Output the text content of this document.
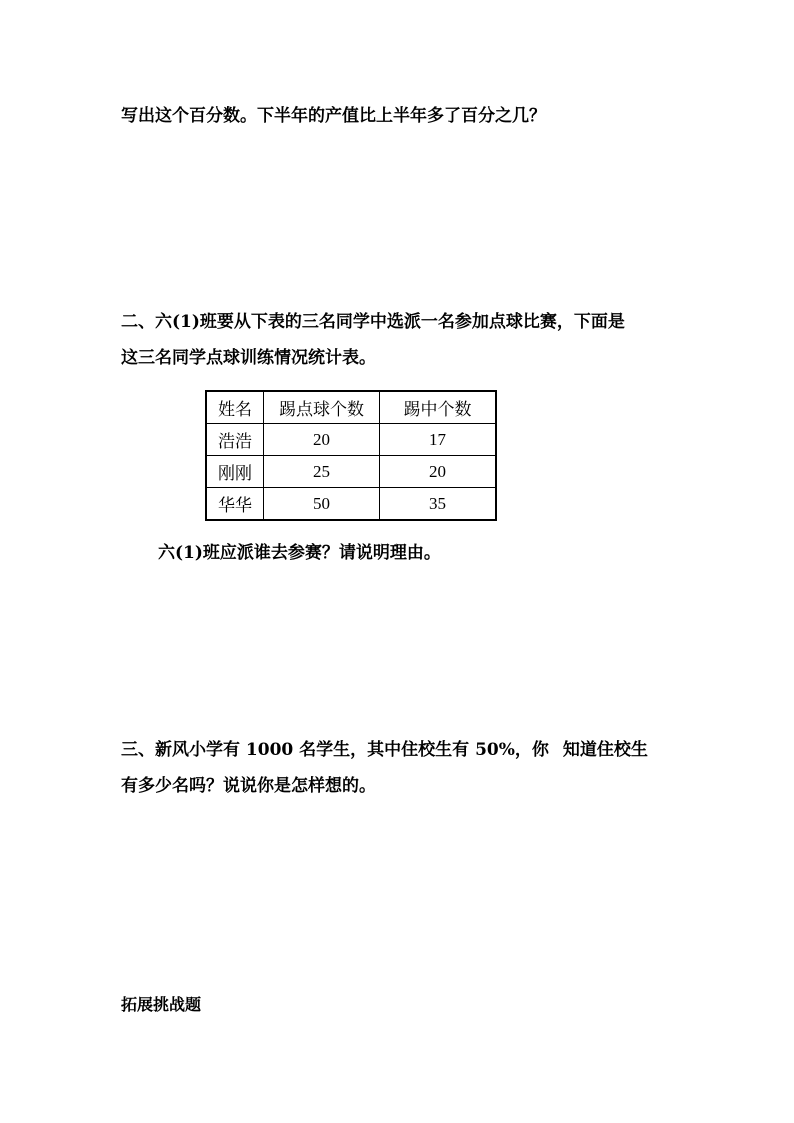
写出这个百分数。下半年的产值比上半年多了百分之几？
二、六(1)班要从下表的三名同学中选派一名参加点球比赛，下面是
这三名同学点球训练情况统计表。
姓名	踢点球个数	踢中个数
浩浩	20	17
刚刚	25	20
华华	50	35
六(1)班应派谁去参赛？请说明理由。
三、新风小学有 1000 名学生，其中住校生有 50%，你 知道住校生
有多少名吗？说说你是怎样想的。
拓展挑战题
